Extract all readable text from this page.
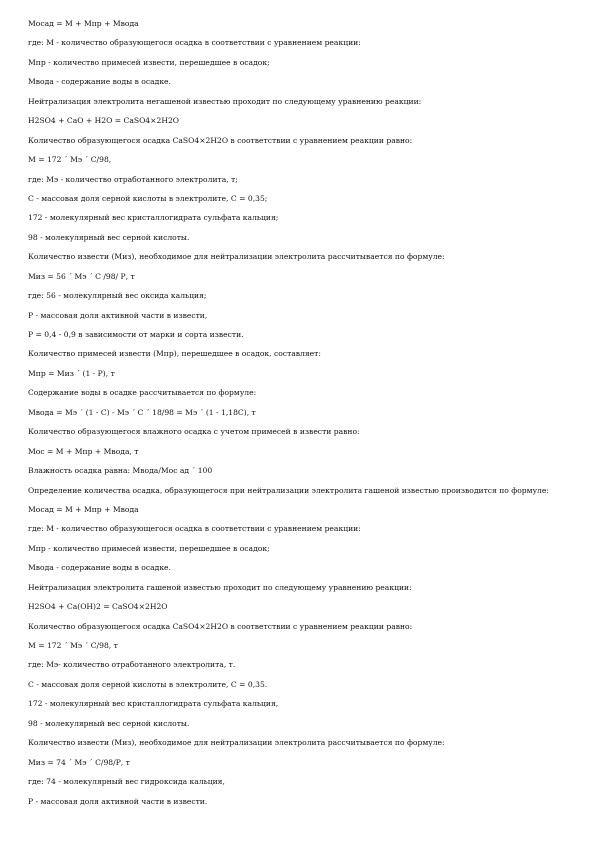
Мосад = М + Мпр + Мвода
где: М - количество образующегося осадка в соответствии с уравнением реакции:
Мпр - количество примесей извести, перешедшее в осадок;
Мвода - содержание воды в осадке.
Нейтрализация электролита негашеной известью проходит по следующему уравнению реакции:
H2SO4 + CaO + H2O = CaSO4×2H2O
Количество образующегося осадка CaSO4×2H2O в соответствии с уравнением реакции равно:
М = 172 ´ Мэ ´ С/98,
где: Мэ - количество отработанного электролита, т;
С - массовая доля серной кислоты в электролите, С = 0,35;
172 - молекулярный вес кристаллогидрата сульфата кальция;
98 - молекулярный вес серной кислоты.
Количество извести (Миз), необходимое для нейтрализации электролита рассчитывается по формуле:
Миз = 56 ´ Мэ ´ С /98/ Р, т
где: 56 - молекулярный вес оксида кальция;
Р - массовая доля активной части в извести,
Р = 0,4 - 0,9 в зависимости от марки и сорта извести.
Количество примесей извести (Мпр), перешедшее в осадок, составляет:
Мпр = Миз ´ (1 - Р), т
Содержание воды в осадке рассчитывается по формуле:
Мвода = Мэ ´ (1 - С) - Мэ ´ С ´ 18/98 = Мэ ´ (1 - 1,18С), т
Количество образующегося влажного осадка с учетом примесей в извести равно:
Мос = М + Мпр + Мвода, т
Влажность осадка равна: Мвода/Мос ад ´ 100
Определение количества осадка, образующегося при нейтрализации электролита гашеной известью производится по формуле:
Мосад = М + Мпр + Мвода
где: М - количество образующегося осадка в соответствии с уравнением реакции:
Мпр - количество примесей извести, перешедшее в осадок;
Мвода - содержание воды в осадке.
Нейтрализация электролита гашеной известью проходит по следующему уравнению реакции:
H2SO4 + Ca(OH)2 = CaSO4×2H2O
Количество образующегося осадка CaSO4×2H2O в соответствии с уравнением реакции равно:
М = 172 ´ Мэ ´ С/98, т
где: Мэ- количество отработанного электролита, т.
С - массовая доля серной кислоты в электролите, С = 0,35.
172 - молекулярный вес кристаллогидрата сульфата кальция,
98 - молекулярный вес серной кислоты.
Количество извести (Миз), необходимое для нейтрализации электролита рассчитывается по формуле:
Миз = 74 ´ Мэ ´ С/98/Р, т
где: 74 - молекулярный вес гидроксида кальция,
Р - массовая доля активной части в извести.
